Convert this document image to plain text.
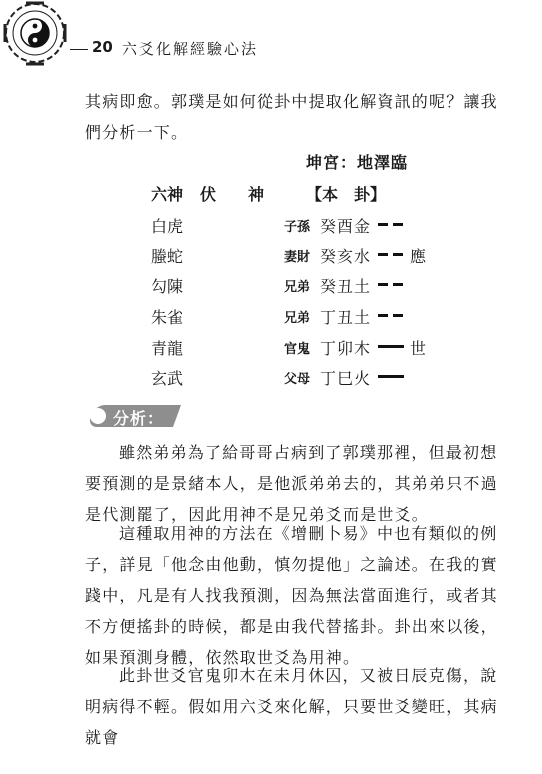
20 六爻化解經驗心法

其病即愈。郭璞是如何從卦中提取化解資訊的呢？讓我們分析一下。

坤宮：地澤臨
六神 伏 神	【本　卦】
白虎	子孫 癸酉金
螣蛇	妻財 癸亥水 應
勾陳	兄弟 癸丑土
朱雀	兄弟 丁丑土
青龍	官鬼 丁卯木 世
玄武	父母 丁巳火
分析：

雖然弟弟為了給哥哥占病到了郭璞那裡，但最初想要預測的是景緒本人，是他派弟弟去的，其弟弟只不過是代測罷了，因此用神不是兄弟爻而是世爻。

這種取用神的方法在《增刪卜易》中也有類似的例子，詳見「他念由他動，慎勿提他」之論述。在我的實踐中，凡是有人找我預測，因為無法當面進行，或者其不方便搖卦的時候，都是由我代替搖卦。卦出來以後，如果預測身體，依然取世爻為用神。

此卦世爻官鬼卯木在未月休囚，又被日辰克傷，說明病得不輕。假如用六爻來化解，只要世爻變旺，其病就會
